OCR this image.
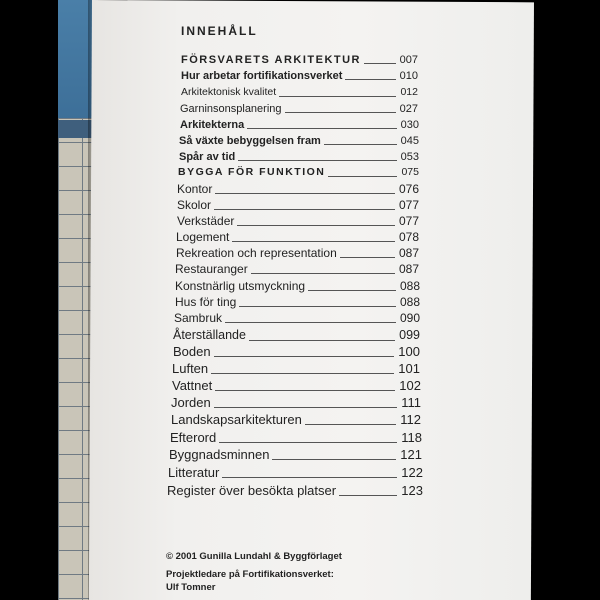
INNEHÅLL
FÖRSVARETS ARKITEKTUR	007
Hur arbetar fortifikationsverket	010
Arkitektonisk kvalitet	012
Garninsonsplanering	027
Arkitekterna	030
Så växte bebyggelsen fram	045
Spår av tid	053
BYGGA FÖR FUNKTION	075
Kontor	076
Skolor	077
Verkstäder	077
Logement	078
Rekreation och representation	087
Restauranger	087
Konstnärlig utsmyckning	088
Hus för ting	088
Sambruk	090
Återställande	099
Boden	100
Luften	101
Vattnet	102
Jorden	111
Landskapsarkitekturen	112
Efterord	118
Byggnadsminnen	121
Litteratur	122
Register över besökta platser	123
© 2001 Gunilla Lundahl & Byggförlaget
Projektledare på Fortifikationsverket:
Ulf Tomner
